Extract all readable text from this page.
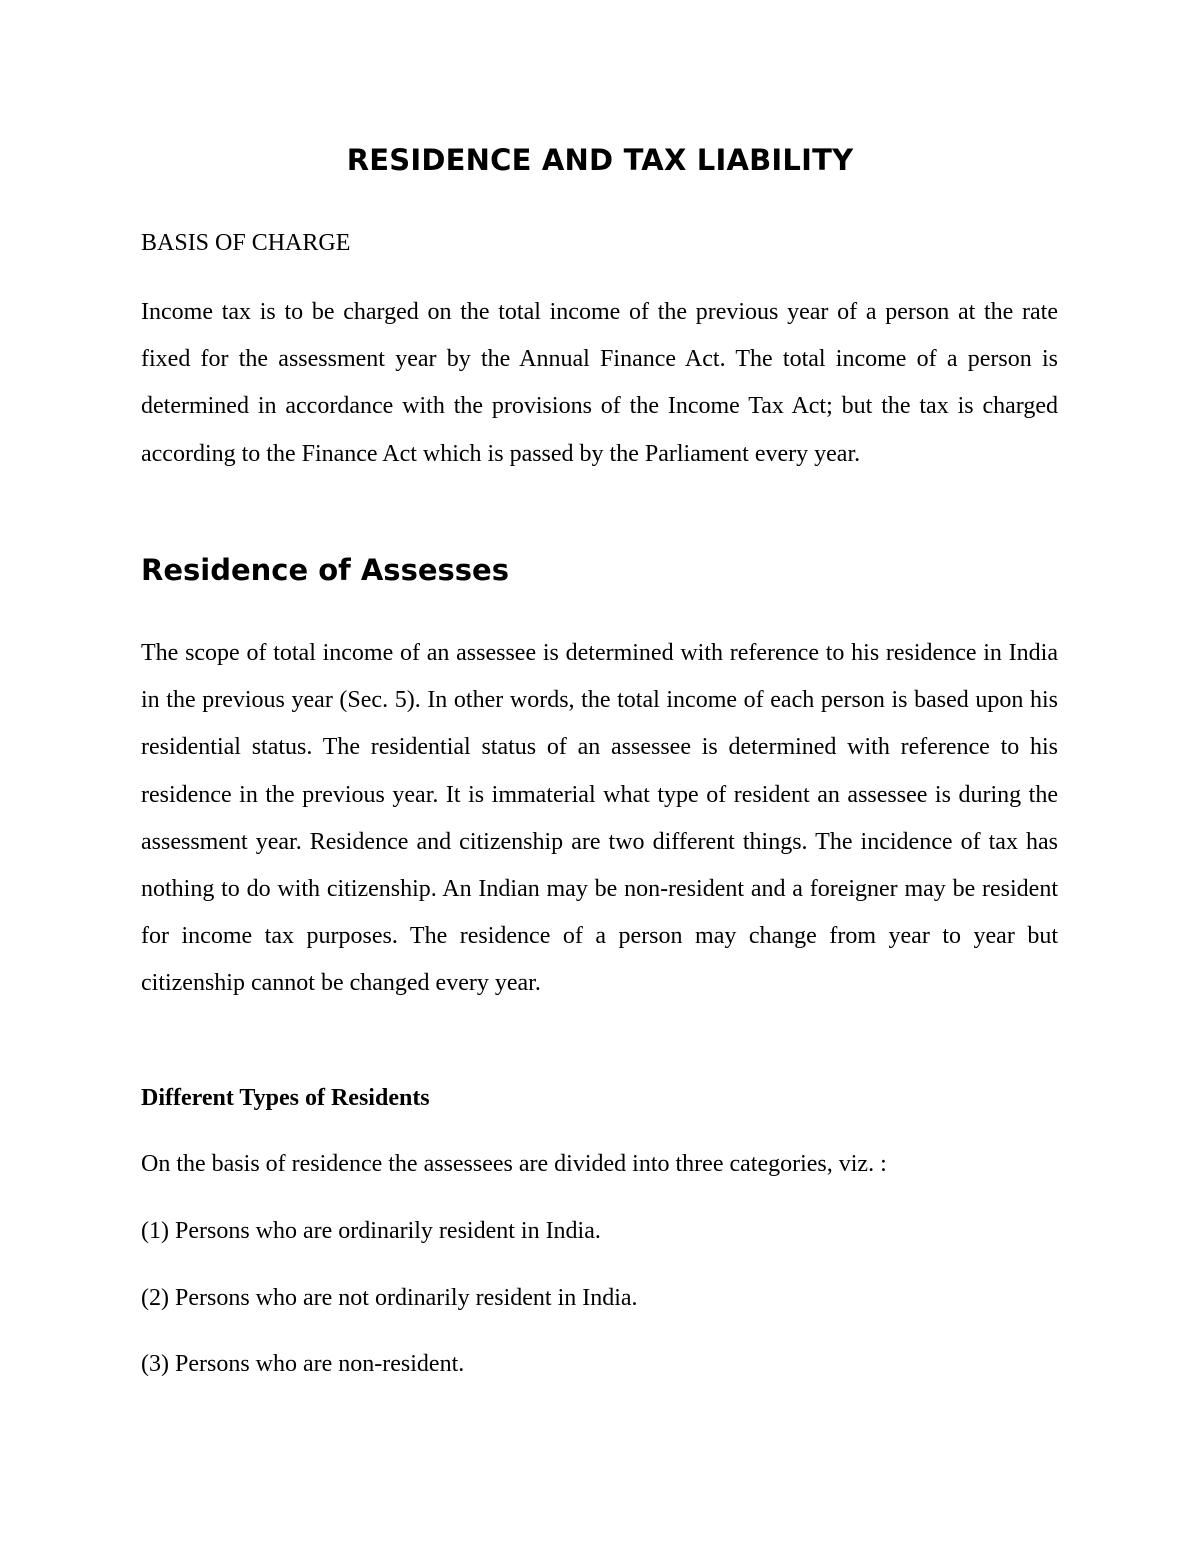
RESIDENCE AND TAX LIABILITY

BASIS OF CHARGE

Income tax is to be charged on the total income of the previous year of a person at the rate fixed for the assessment year by the Annual Finance Act. The total income of a person is determined in accordance with the provisions of the Income Tax Act; but the tax is charged according to the Finance Act which is passed by the Parliament every year.

Residence of Assesses

The scope of total income of an assessee is determined with reference to his residence in India in the previous year (Sec. 5). In other words, the total income of each person is based upon his residential status. The residential status of an assessee is determined with reference to his residence in the previous year. It is immaterial what type of resident an assessee is during the assessment year. Residence and citizenship are two different things. The incidence of tax has nothing to do with citizenship. An Indian may be non-resident and a foreigner may be resident for income tax purposes. The residence of a person may change from year to year but citizenship cannot be changed every year.

Different Types of Residents

On the basis of residence the assessees are divided into three categories, viz. :

(1) Persons who are ordinarily resident in India.

(2) Persons who are not ordinarily resident in India.

(3) Persons who are non-resident.
